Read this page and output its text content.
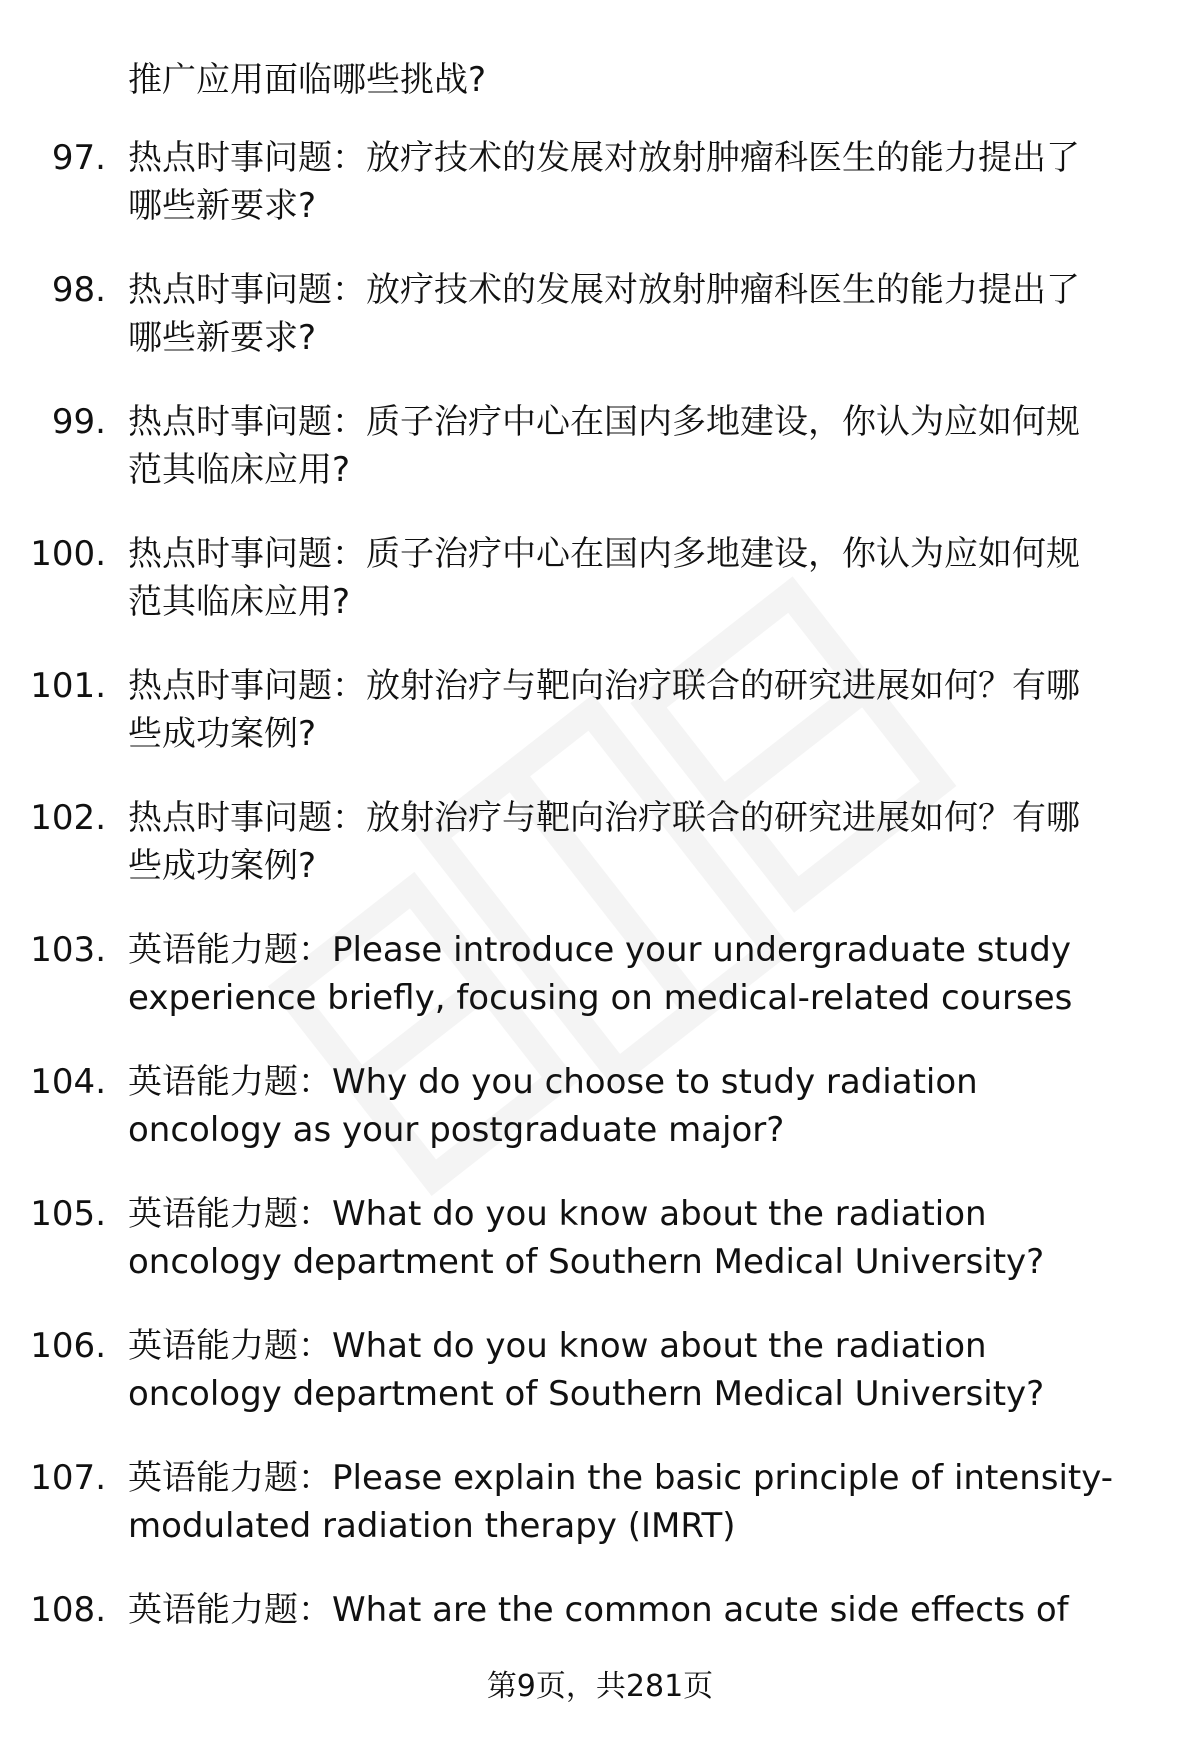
推广应用面临哪些挑战?
97. 热点时事问题：放疗技术的发展对放射肿瘤科医生的能力提出了
哪些新要求?
98. 热点时事问题：放疗技术的发展对放射肿瘤科医生的能力提出了
哪些新要求?
99. 热点时事问题：质子治疗中心在国内多地建设，你认为应如何规
范其临床应用?
100. 热点时事问题：质子治疗中心在国内多地建设，你认为应如何规
范其临床应用?
101. 热点时事问题：放射治疗与靶向治疗联合的研究进展如何？有哪
些成功案例?
102. 热点时事问题：放射治疗与靶向治疗联合的研究进展如何？有哪
些成功案例?
103. 英语能力题：Please introduce your undergraduate study
experience briefly, focusing on medical-related courses
104. 英语能力题：Why do you choose to study radiation
oncology as your postgraduate major?
105. 英语能力题：What do you know about the radiation
oncology department of Southern Medical University?
106. 英语能力题：What do you know about the radiation
oncology department of Southern Medical University?
107. 英语能力题：Please explain the basic principle of intensity-
modulated radiation therapy (IMRT)
108. 英语能力题：What are the common acute side effects of
第9页，共281页
